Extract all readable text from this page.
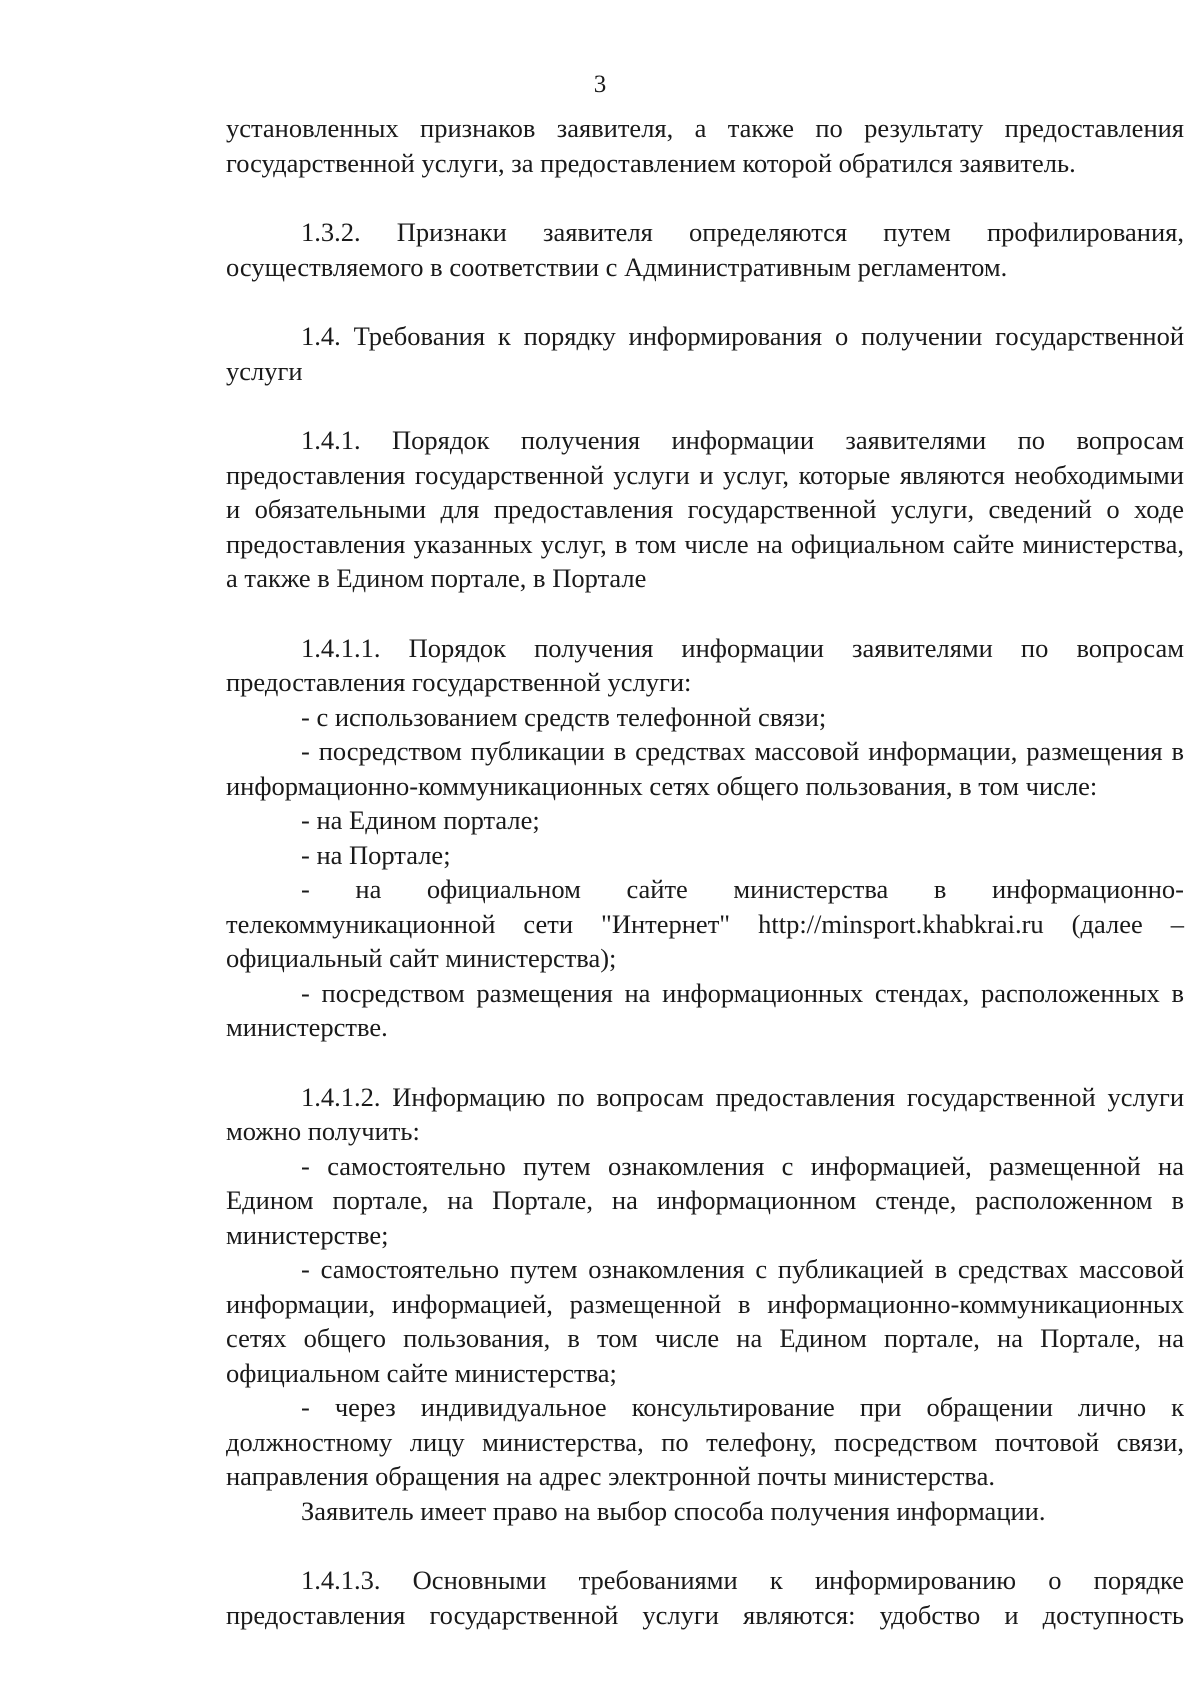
3

установленных признаков заявителя, а также по результату предоставления государственной услуги, за предоставлением которой обратился заявитель.

1.3.2. Признаки заявителя определяются путем профилирования, осуществляемого в соответствии с Административным регламентом.

1.4. Требования к порядку информирования о получении государственной услуги

1.4.1. Порядок получения информации заявителями по вопросам предоставления государственной услуги и услуг, которые являются необходимыми и обязательными для предоставления государственной услуги, сведений о ходе предоставления указанных услуг, в том числе на официальном сайте министерства, а также в Едином портале, в Портале

1.4.1.1. Порядок получения информации заявителями по вопросам предоставления государственной услуги:

- с использованием средств телефонной связи;

- посредством публикации в средствах массовой информации, размещения в информационно-коммуникационных сетях общего пользования, в том числе:

- на Едином портале;

- на Портале;

- на официальном сайте министерства в информационно-телекоммуникационной сети "Интернет" http://minsport.khabkrai.ru (далее – официальный сайт министерства);

- посредством размещения на информационных стендах, расположенных в министерстве.

1.4.1.2. Информацию по вопросам предоставления государственной услуги можно получить:

- самостоятельно путем ознакомления с информацией, размещенной на Едином портале, на Портале, на информационном стенде, расположенном в министерстве;

- самостоятельно путем ознакомления с публикацией в средствах массовой информации, информацией, размещенной в информационно-коммуникационных сетях общего пользования, в том числе на Едином портале, на Портале, на официальном сайте министерства;

- через индивидуальное консультирование при обращении лично к должностному лицу министерства, по телефону, посредством почтовой связи, направления обращения на адрес электронной почты министерства.

Заявитель имеет право на выбор способа получения информации.

1.4.1.3. Основными требованиями к информированию о порядке предоставления государственной услуги являются: удобство и доступность
